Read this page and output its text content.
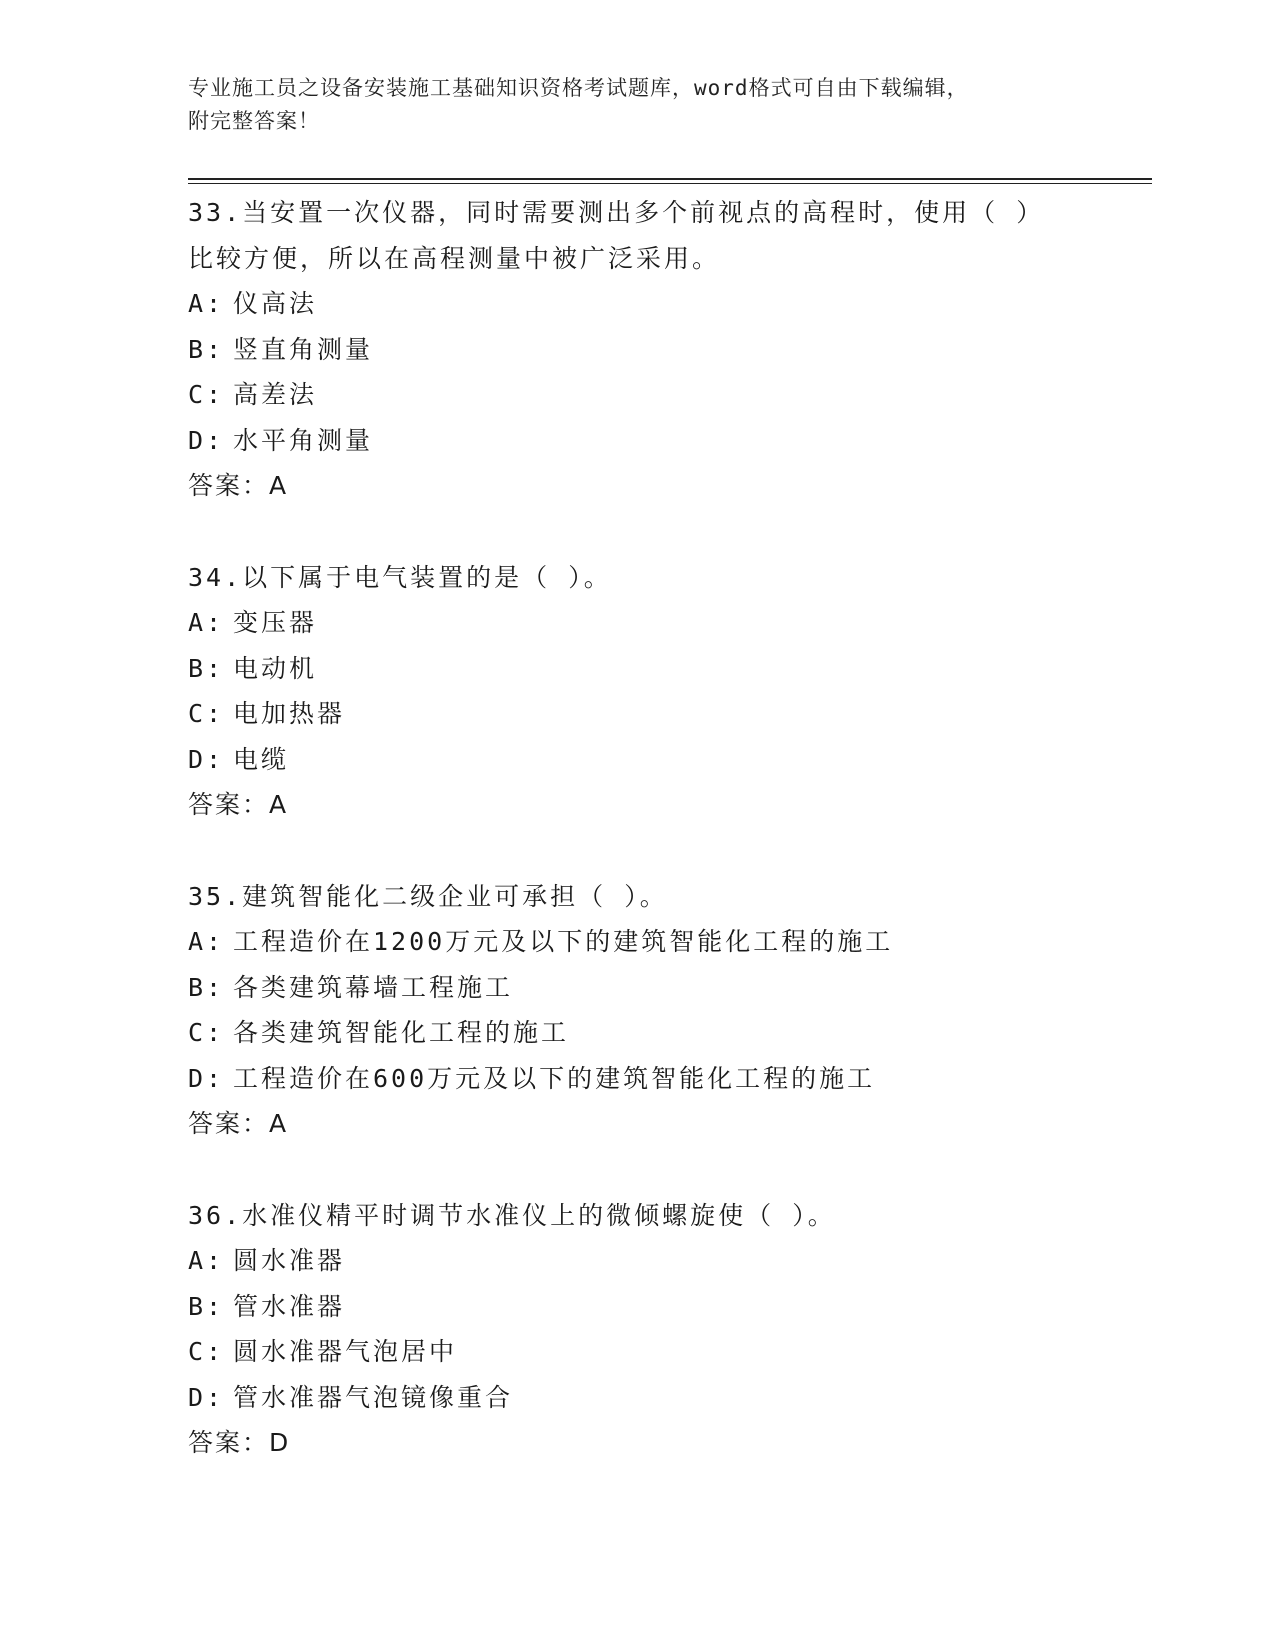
专业施工员之设备安装施工基础知识资格考试题库，word格式可自由下载编辑，
附完整答案！
33.当安置一次仪器，同时需要测出多个前视点的高程时，使用（ ）
比较方便，所以在高程测量中被广泛采用。
A: 仪高法
B: 竖直角测量
C: 高差法
D: 水平角测量
答案：A
34.以下属于电气装置的是（ ）。
A: 变压器
B: 电动机
C: 电加热器
D: 电缆
答案：A
35.建筑智能化二级企业可承担（ ）。
A: 工程造价在1200万元及以下的建筑智能化工程的施工
B: 各类建筑幕墙工程施工
C: 各类建筑智能化工程的施工
D: 工程造价在600万元及以下的建筑智能化工程的施工
答案：A
36.水准仪精平时调节水准仪上的微倾螺旋使（ ）。
A: 圆水准器
B: 管水准器
C: 圆水准器气泡居中
D: 管水准器气泡镜像重合
答案：D
